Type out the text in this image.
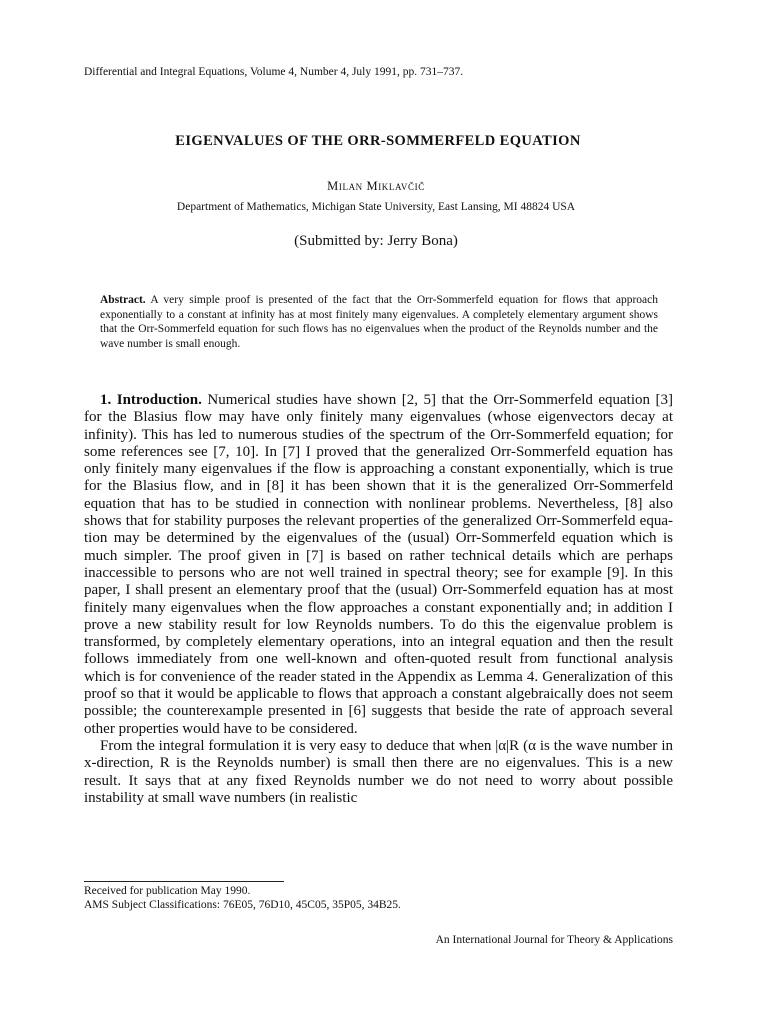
Differential and Integral Equations, Volume 4, Number 4, July 1991, pp. 731–737.
EIGENVALUES OF THE ORR-SOMMERFELD EQUATION
Milan Miklavčič
Department of Mathematics, Michigan State University, East Lansing, MI 48824 USA
(Submitted by: Jerry Bona)
Abstract. A very simple proof is presented of the fact that the Orr-Sommerfeld equation for flows that approach exponentially to a constant at infinity has at most finitely many eigenvalues. A completely elementary argument shows that the Orr-Sommerfeld equation for such flows has no eigenvalues when the product of the Reynolds number and the wave number is small enough.

1. Introduction. Numerical studies have shown [2, 5] that the Orr-Sommerfeld equation [3] for the Blasius flow may have only finitely many eigenvalues (whose eigenvectors decay at infinity). This has led to numerous studies of the spectrum of the Orr-Sommerfeld equation; for some references see [7, 10]. In [7] I proved that the generalized Orr-Sommerfeld equation has only finitely many eigenvalues if the flow is approaching a constant exponentially, which is true for the Blasius flow, and in [8] it has been shown that it is the generalized Orr-Sommerfeld equation that has to be studied in connection with nonlinear problems. Nevertheless, [8] also shows that for stability purposes the relevant properties of the generalized Orr-Sommerfeld equation may be determined by the eigenvalues of the (usual) Orr-Sommerfeld equation which is much simpler. The proof given in [7] is based on rather technical details which are perhaps inaccessible to persons who are not well trained in spectral theory; see for example [9]. In this paper, I shall present an elementary proof that the (usual) Orr-Sommerfeld equation has at most finitely many eigenvalues when the flow approaches a constant exponentially and; in addition I prove a new stability result for low Reynolds numbers. To do this the eigenvalue problem is transformed, by completely elementary operations, into an integral equation and then the result follows immediately from one well-known and often-quoted result from functional analysis which is for convenience of the reader stated in the Appendix as Lemma 4. Generalization of this proof so that it would be applicable to flows that approach a constant algebraically does not seem possible; the counterexample presented in [6] suggests that beside the rate of approach several other properties would have to be considered.

From the integral formulation it is very easy to deduce that when |α|R (α is the wave number in x-direction, R is the Reynolds number) is small then there are no eigenvalues. This is a new result. It says that at any fixed Reynolds number we do not need to worry about possible instability at small wave numbers (in realistic

Received for publication May 1990.
AMS Subject Classifications: 76E05, 76D10, 45C05, 35P05, 34B25.
An International Journal for Theory & Applications
